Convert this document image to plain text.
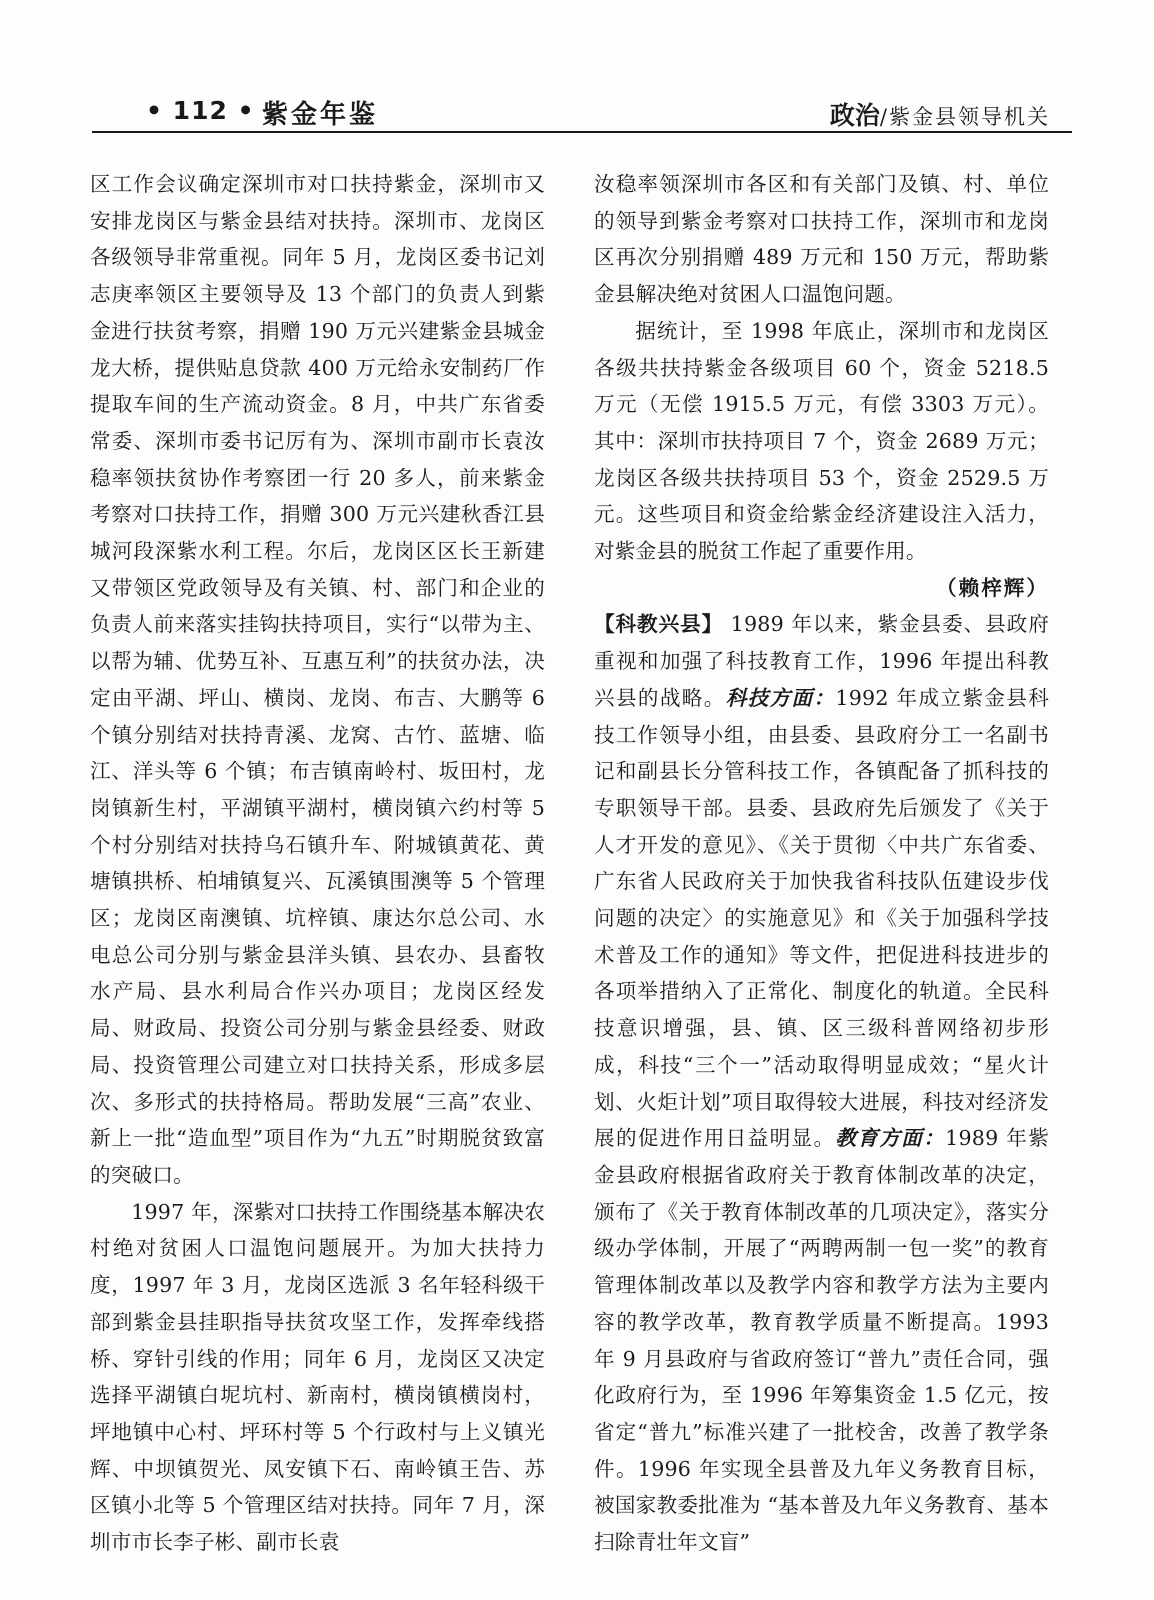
• 112 • 紫金年鉴	政治/紫金县领导机关

区工作会议确定深圳市对口扶持紫金，深圳市又安排龙岗区与紫金县结对扶持。深圳市、龙岗区各级领导非常重视。同年 5 月，龙岗区委书记刘志庚率领区主要领导及 13 个部门的负责人到紫金进行扶贫考察，捐赠 190 万元兴建紫金县城金龙大桥，提供贴息贷款 400 万元给永安制药厂作提取车间的生产流动资金。8 月，中共广东省委常委、深圳市委书记厉有为、深圳市副市长袁汝稳率领扶贫协作考察团一行 20 多人，前来紫金考察对口扶持工作，捐赠 300 万元兴建秋香江县城河段深紫水利工程。尔后，龙岗区区长王新建又带领区党政领导及有关镇、村、部门和企业的负责人前来落实挂钩扶持项目，实行“以带为主、以帮为辅、优势互补、互惠互利”的扶贫办法，决定由平湖、坪山、横岗、龙岗、布吉、大鹏等 6 个镇分别结对扶持青溪、龙窝、古竹、蓝塘、临江、洋头等 6 个镇；布吉镇南岭村、坂田村，龙岗镇新生村，平湖镇平湖村，横岗镇六约村等 5 个村分别结对扶持乌石镇升车、附城镇黄花、黄塘镇拱桥、柏埔镇复兴、瓦溪镇围澳等 5 个管理区；龙岗区南澳镇、坑梓镇、康达尔总公司、水电总公司分别与紫金县洋头镇、县农办、县畜牧水产局、县水利局合作兴办项目；龙岗区经发局、财政局、投资公司分别与紫金县经委、财政局、投资管理公司建立对口扶持关系，形成多层次、多形式的扶持格局。帮助发展“三高”农业、新上一批“造血型”项目作为“九五”时期脱贫致富的突破口。

1997 年，深紫对口扶持工作围绕基本解决农村绝对贫困人口温饱问题展开。为加大扶持力度，1997 年 3 月，龙岗区选派 3 名年轻科级干部到紫金县挂职指导扶贫攻坚工作，发挥牵线搭桥、穿针引线的作用；同年 6 月，龙岗区又决定选择平湖镇白坭坑村、新南村，横岗镇横岗村，坪地镇中心村、坪环村等 5 个行政村与上义镇光辉、中坝镇贺光、凤安镇下石、南岭镇王告、苏区镇小北等 5 个管理区结对扶持。同年 7 月，深圳市市长李子彬、副市长袁

汝稳率领深圳市各区和有关部门及镇、村、单位的领导到紫金考察对口扶持工作，深圳市和龙岗区再次分别捐赠 489 万元和 150 万元，帮助紫金县解决绝对贫困人口温饱问题。

据统计，至 1998 年底止，深圳市和龙岗区各级共扶持紫金各级项目 60 个，资金 5218.5 万元（无偿 1915.5 万元，有偿 3303 万元）。其中：深圳市扶持项目 7 个，资金 2689 万元；龙岗区各级共扶持项目 53 个，资金 2529.5 万元。这些项目和资金给紫金经济建设注入活力，对紫金县的脱贫工作起了重要作用。

（赖梓辉）

【科教兴县】 1989 年以来，紫金县委、县政府重视和加强了科技教育工作，1996 年提出科教兴县的战略。科技方面：1992 年成立紫金县科技工作领导小组，由县委、县政府分工一名副书记和副县长分管科技工作，各镇配备了抓科技的专职领导干部。县委、县政府先后颁发了《关于人才开发的意见》、《关于贯彻〈中共广东省委、广东省人民政府关于加快我省科技队伍建设步伐问题的决定〉的实施意见》和《关于加强科学技术普及工作的通知》等文件，把促进科技进步的各项举措纳入了正常化、制度化的轨道。全民科技意识增强，县、镇、区三级科普网络初步形成，科技“三个一”活动取得明显成效；“星火计划、火炬计划”项目取得较大进展，科技对经济发展的促进作用日益明显。教育方面：1989 年紫金县政府根据省政府关于教育体制改革的决定，颁布了《关于教育体制改革的几项决定》，落实分级办学体制，开展了“两聘两制一包一奖”的教育管理体制改革以及教学内容和教学方法为主要内容的教学改革，教育教学质量不断提高。1993 年 9 月县政府与省政府签订“普九”责任合同，强化政府行为，至 1996 年筹集资金 1.5 亿元，按省定“普九”标准兴建了一批校舍，改善了教学条件。1996 年实现全县普及九年义务教育目标，被国家教委批准为 “基本普及九年义务教育、基本扫除青壮年文盲”
